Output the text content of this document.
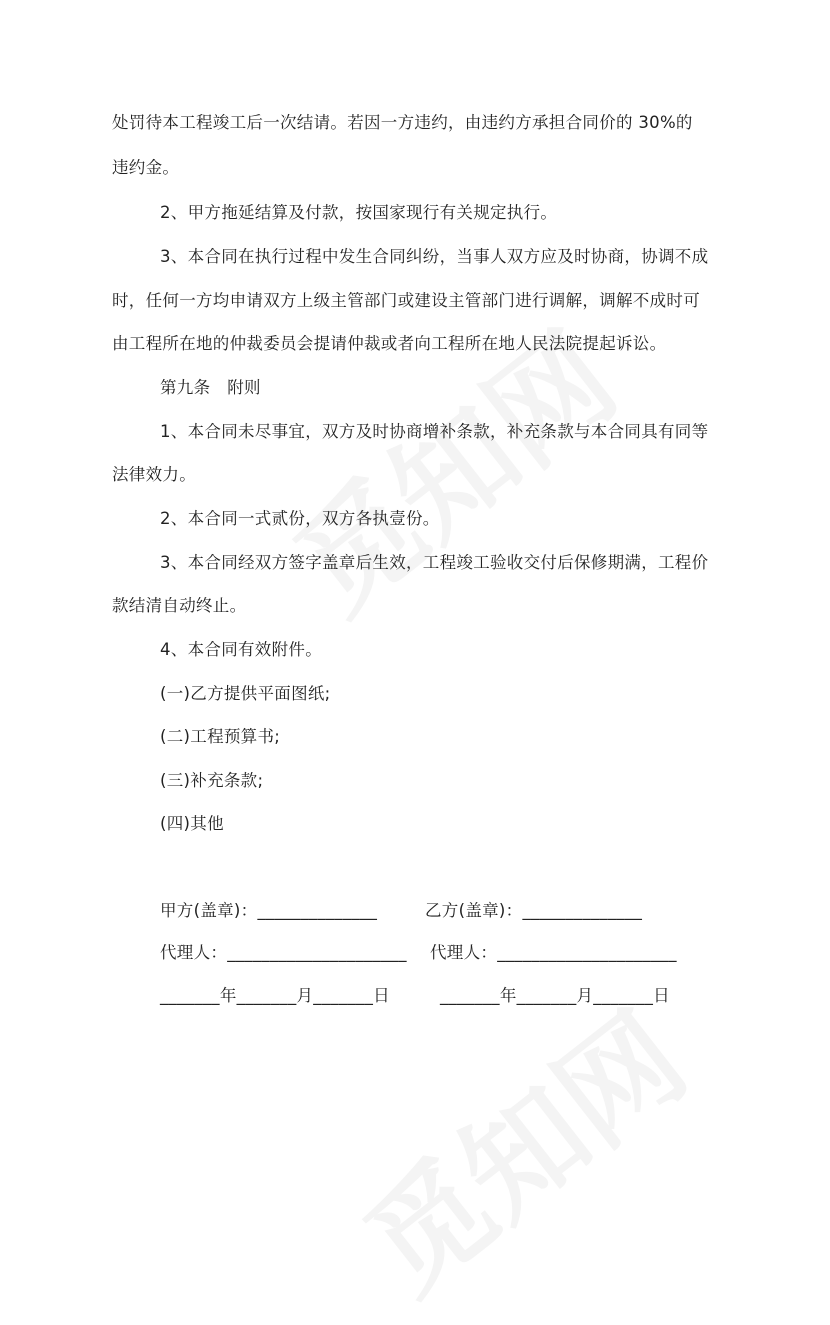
处罚待本工程竣工后一次结请。若因一方违约，由违约方承担合同价的 30%的
违约金。
2、甲方拖延结算及付款，按国家现行有关规定执行。
3、本合同在执行过程中发生合同纠纷，当事人双方应及时协商，协调不成
时，任何一方均申请双方上级主管部门或建设主管部门进行调解，调解不成时可
由工程所在地的仲裁委员会提请仲裁或者向工程所在地人民法院提起诉讼。
第九条　附则
1、本合同未尽事宜，双方及时协商增补条款，补充条款与本合同具有同等
法律效力。
2、本合同一式贰份，双方各执壹份。
3、本合同经双方签字盖章后生效，工程竣工验收交付后保修期满，工程价
款结清自动终止。
4、本合同有效附件。
(一)乙方提供平面图纸;
(二)工程预算书;
(三)补充条款;
(四)其他
甲方(盖章)：______________	乙方(盖章)：______________
代理人：_____________________ 代理人：_____________________
_______年_______月_______日	_______年_______月_______日
